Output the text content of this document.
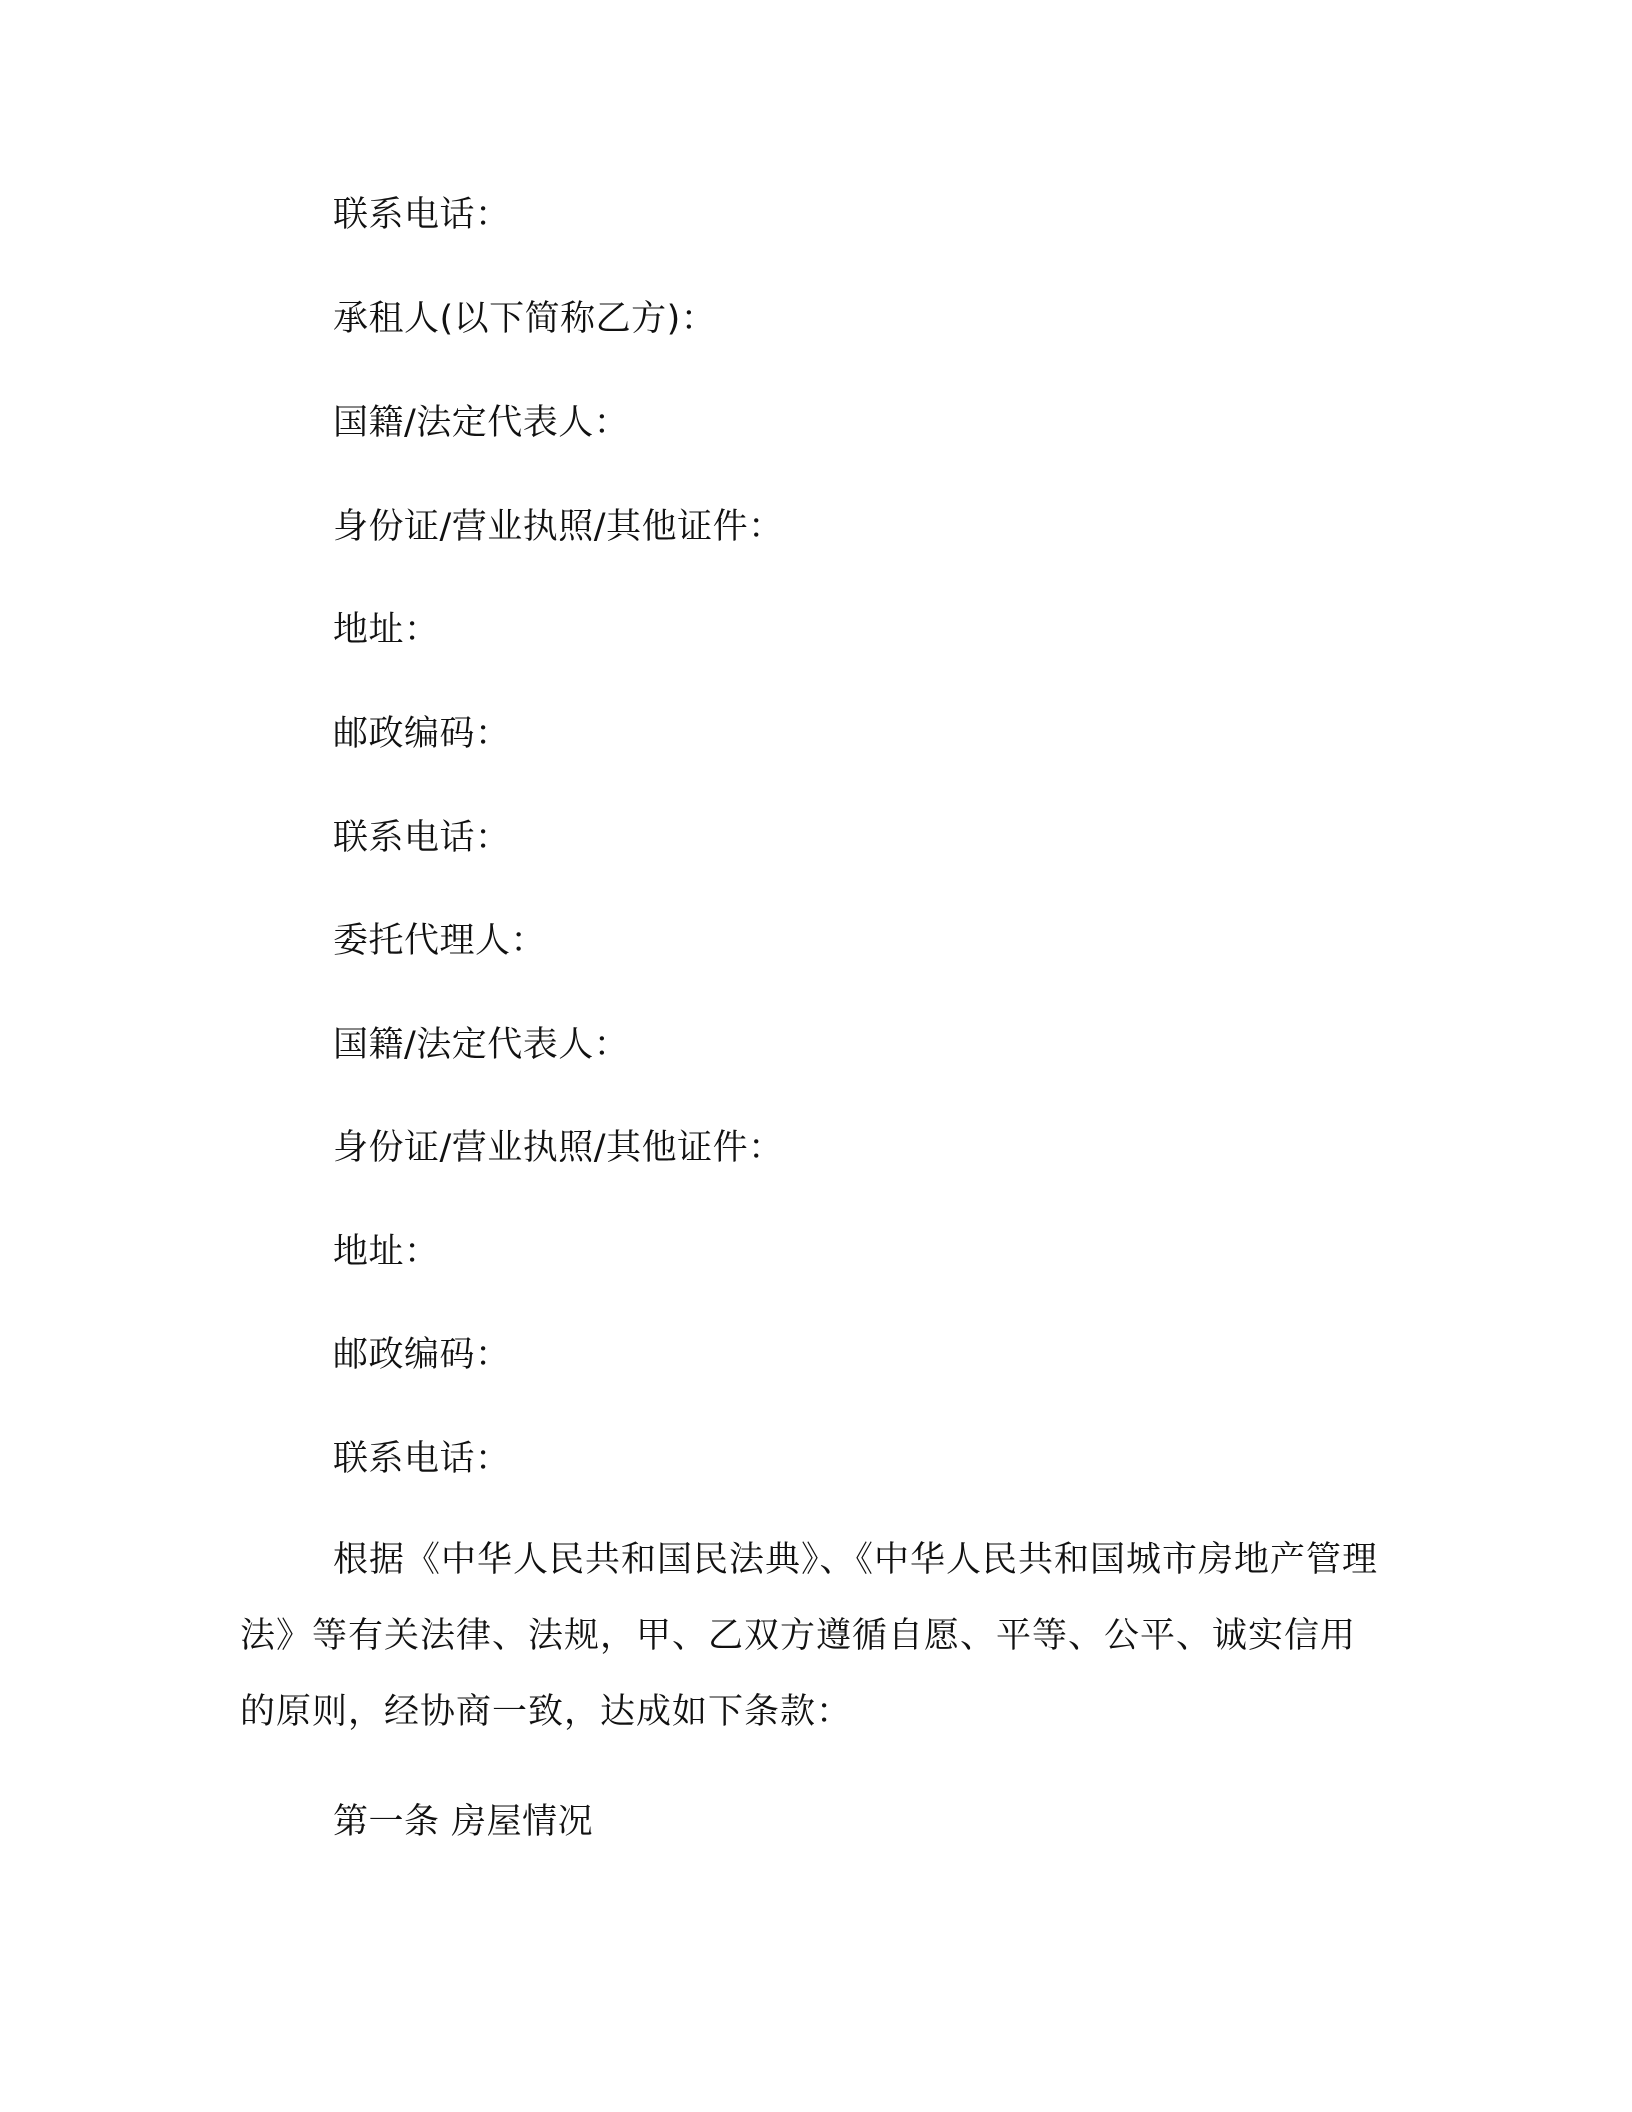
联系电话：
承租人(以下简称乙方)：
国籍/法定代表人：
身份证/营业执照/其他证件：
地址：
邮政编码：
联系电话：
委托代理人：
国籍/法定代表人：
身份证/营业执照/其他证件：
地址：
邮政编码：
联系电话：
根据《中华人民共和国民法典》、《中华人民共和国城市房地产管理法》等有关法律、法规，甲、乙双方遵循自愿、平等、公平、诚实信用的原则，经协商一致，达成如下条款：
第一条 房屋情况
